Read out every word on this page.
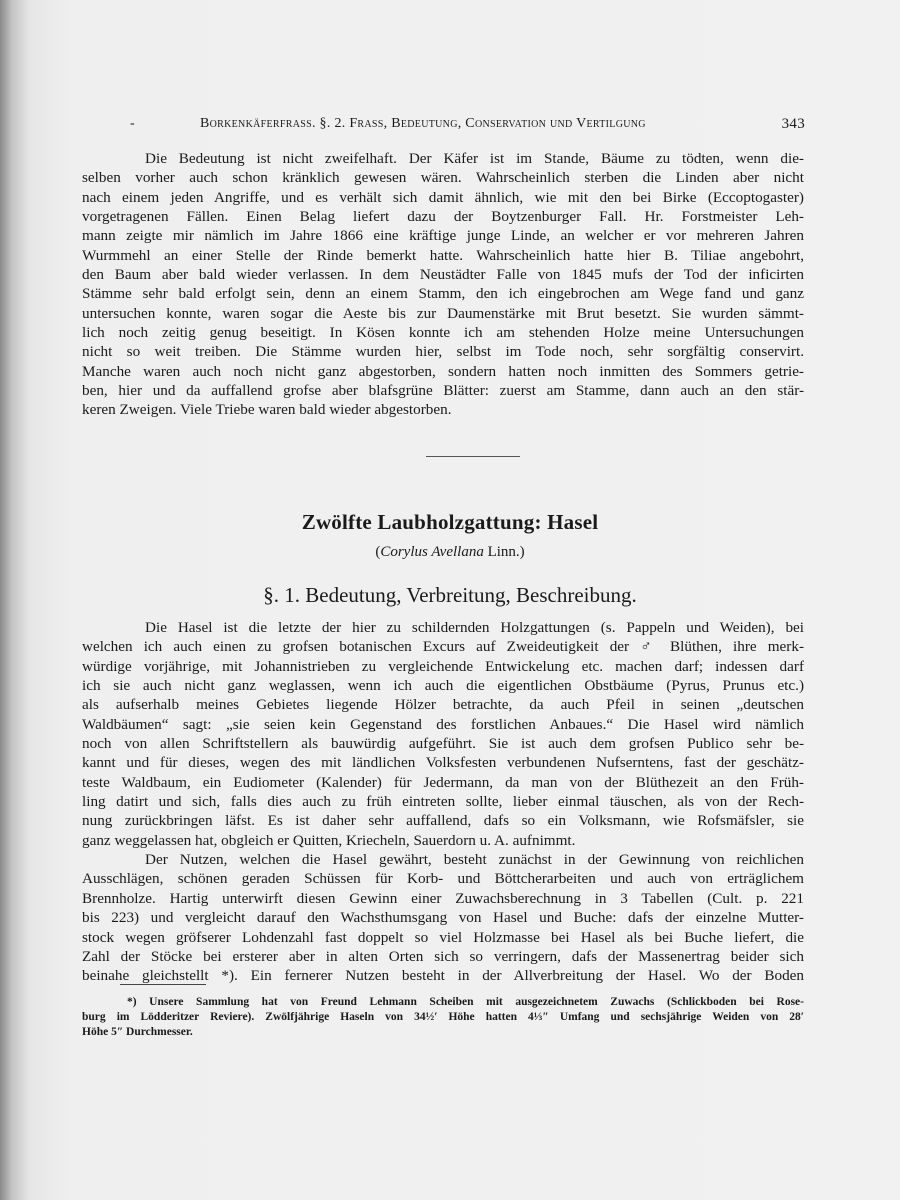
-	Borkenkäferfrass. §. 2. Frass, Bedeutung, Conservation und Vertilgung	343
Die Bedeutung ist nicht zweifelhaft. Der Käfer ist im Stande, Bäume zu tödten, wenn die-
selben vorher auch schon kränklich gewesen wären. Wahrscheinlich sterben die Linden aber nicht
nach einem jeden Angriffe, und es verhält sich damit ähnlich, wie mit den bei Birke (Eccoptogaster)
vorgetragenen Fällen. Einen Belag liefert dazu der Boytzenburger Fall. Hr. Forstmeister Leh-
mann zeigte mir nämlich im Jahre 1866 eine kräftige junge Linde, an welcher er vor mehreren Jahren
Wurmmehl an einer Stelle der Rinde bemerkt hatte. Wahrscheinlich hatte hier B. Tiliae angebohrt,
den Baum aber bald wieder verlassen. In dem Neustädter Falle von 1845 mufs der Tod der inficirten
Stämme sehr bald erfolgt sein, denn an einem Stamm, den ich eingebrochen am Wege fand und ganz
untersuchen konnte, waren sogar die Aeste bis zur Daumenstärke mit Brut besetzt. Sie wurden sämmt-
lich noch zeitig genug beseitigt. In Kösen konnte ich am stehenden Holze meine Untersuchungen
nicht so weit treiben. Die Stämme wurden hier, selbst im Tode noch, sehr sorgfältig conservirt.
Manche waren auch noch nicht ganz abgestorben, sondern hatten noch inmitten des Sommers getrie-
ben, hier und da auffallend grofse aber blafsgrüne Blätter: zuerst am Stamme, dann auch an den stär-
keren Zweigen. Viele Triebe waren bald wieder abgestorben.
Zwölfte Laubholzgattung: Hasel
(Corylus Avellana Linn.)
§. 1. Bedeutung, Verbreitung, Beschreibung.
Die Hasel ist die letzte der hier zu schildernden Holzgattungen (s. Pappeln und Weiden), bei
welchen ich auch einen zu grofsen botanischen Excurs auf Zweideutigkeit der ♂ Blüthen, ihre merk-
würdige vorjährige, mit Johannistrieben zu vergleichende Entwickelung etc. machen darf; indessen darf
ich sie auch nicht ganz weglassen, wenn ich auch die eigentlichen Obstbäume (Pyrus, Prunus etc.)
als aufserhalb meines Gebietes liegende Hölzer betrachte, da auch Pfeil in seinen „deutschen
Waldbäumen“ sagt: „sie seien kein Gegenstand des forstlichen Anbaues.“ Die Hasel wird nämlich
noch von allen Schriftstellern als bauwürdig aufgeführt. Sie ist auch dem grofsen Publico sehr be-
kannt und für dieses, wegen des mit ländlichen Volksfesten verbundenen Nufserntens, fast der geschätz-
teste Waldbaum, ein Eudiometer (Kalender) für Jedermann, da man von der Blüthezeit an den Früh-
ling datirt und sich, falls dies auch zu früh eintreten sollte, lieber einmal täuschen, als von der Rech-
nung zurückbringen läfst. Es ist daher sehr auffallend, dafs so ein Volksmann, wie Rofsmäfsler, sie
ganz weggelassen hat, obgleich er Quitten, Kriecheln, Sauerdorn u. A. aufnimmt.
Der Nutzen, welchen die Hasel gewährt, besteht zunächst in der Gewinnung von reichlichen
Ausschlägen, schönen geraden Schüssen für Korb- und Böttcherarbeiten und auch von erträglichem
Brennholze. Hartig unterwirft diesen Gewinn einer Zuwachsberechnung in 3 Tabellen (Cult. p. 221
bis 223) und vergleicht darauf den Wachsthumsgang von Hasel und Buche: dafs der einzelne Mutter-
stock wegen gröfserer Lohdenzahl fast doppelt so viel Holzmasse bei Hasel als bei Buche liefert, die
Zahl der Stöcke bei ersterer aber in alten Orten sich so verringern, dafs der Massenertrag beider sich
beinahe gleichstellt *). Ein fernerer Nutzen besteht in der Allverbreitung der Hasel. Wo der Boden
*) Unsere Sammlung hat von Freund Lehmann Scheiben mit ausgezeichnetem Zuwachs (Schlickboden bei Rose-
burg im Lödderitzer Reviere). Zwölfjährige Haseln von 34½′ Höhe hatten 4⅓″ Umfang und sechsjährige Weiden von 28′
Höhe 5″ Durchmesser.
